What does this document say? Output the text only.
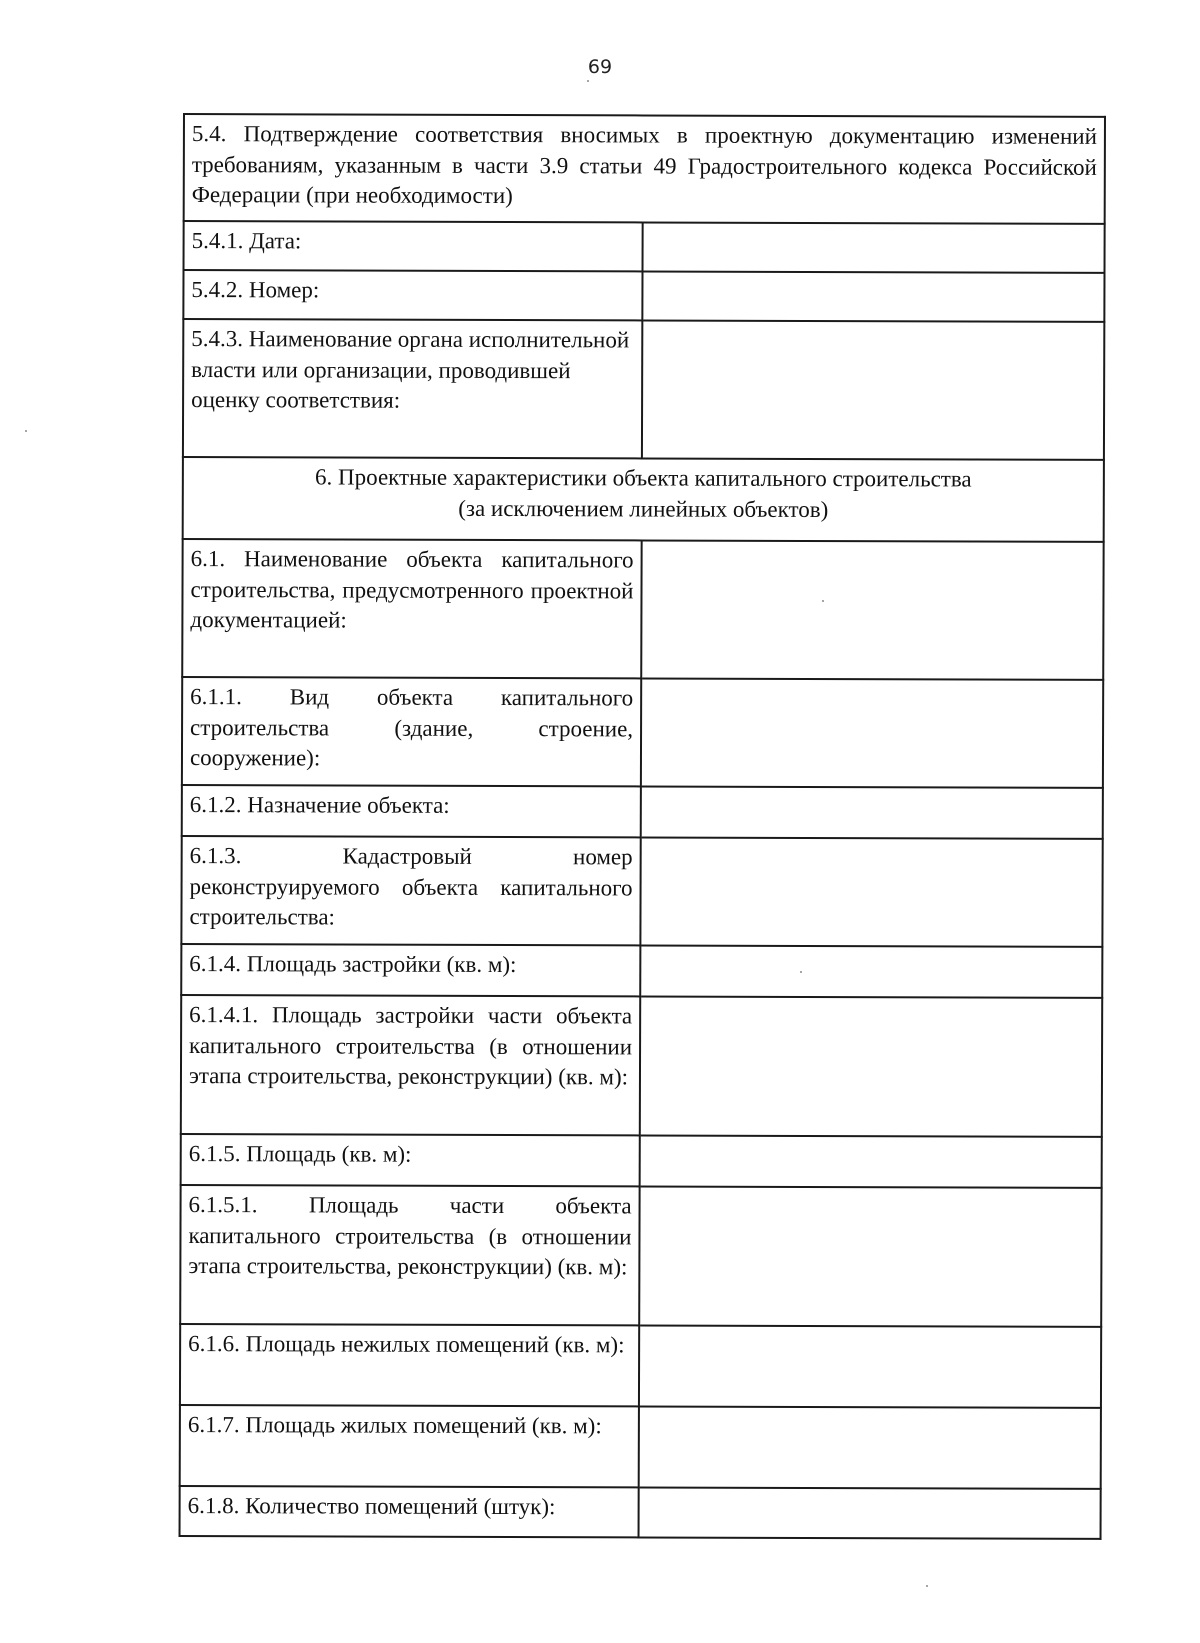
69
5.4. Подтверждение соответствия вносимых в проектную документацию изменений требованиям, указанным в части 3.9 статьи 49 Градостроительного кодекса Российской Федерации (при необходимости)	
5.4.1. Дата:	
5.4.2. Номер:	
5.4.3. Наименование органа исполнительной власти или организации, проводившей оценку соответствия:	

6. Проектные характеристики объекта капитального строительства
(за исключением линейных объектов)	

6.1. Наименование объекта капитального строительства, предусмотренного проектной документацией:	
6.1.1. Вид объекта капитального строительства (здание, строение, сооружение):	
6.1.2. Назначение объекта:	
6.1.3. Кадастровый номер реконструируемого объекта капитального строительства:	
6.1.4. Площадь застройки (кв. м):	
6.1.4.1. Площадь застройки части объекта капитального строительства (в отношении этапа строительства, реконструкции) (кв. м):	
6.1.5. Площадь (кв. м):	
6.1.5.1. Площадь части объекта капитального строительства (в отношении этапа строительства, реконструкции) (кв. м):	
6.1.6. Площадь нежилых помещений (кв. м):	
6.1.7. Площадь жилых помещений (кв. м):	
6.1.8. Количество помещений (штук):	
